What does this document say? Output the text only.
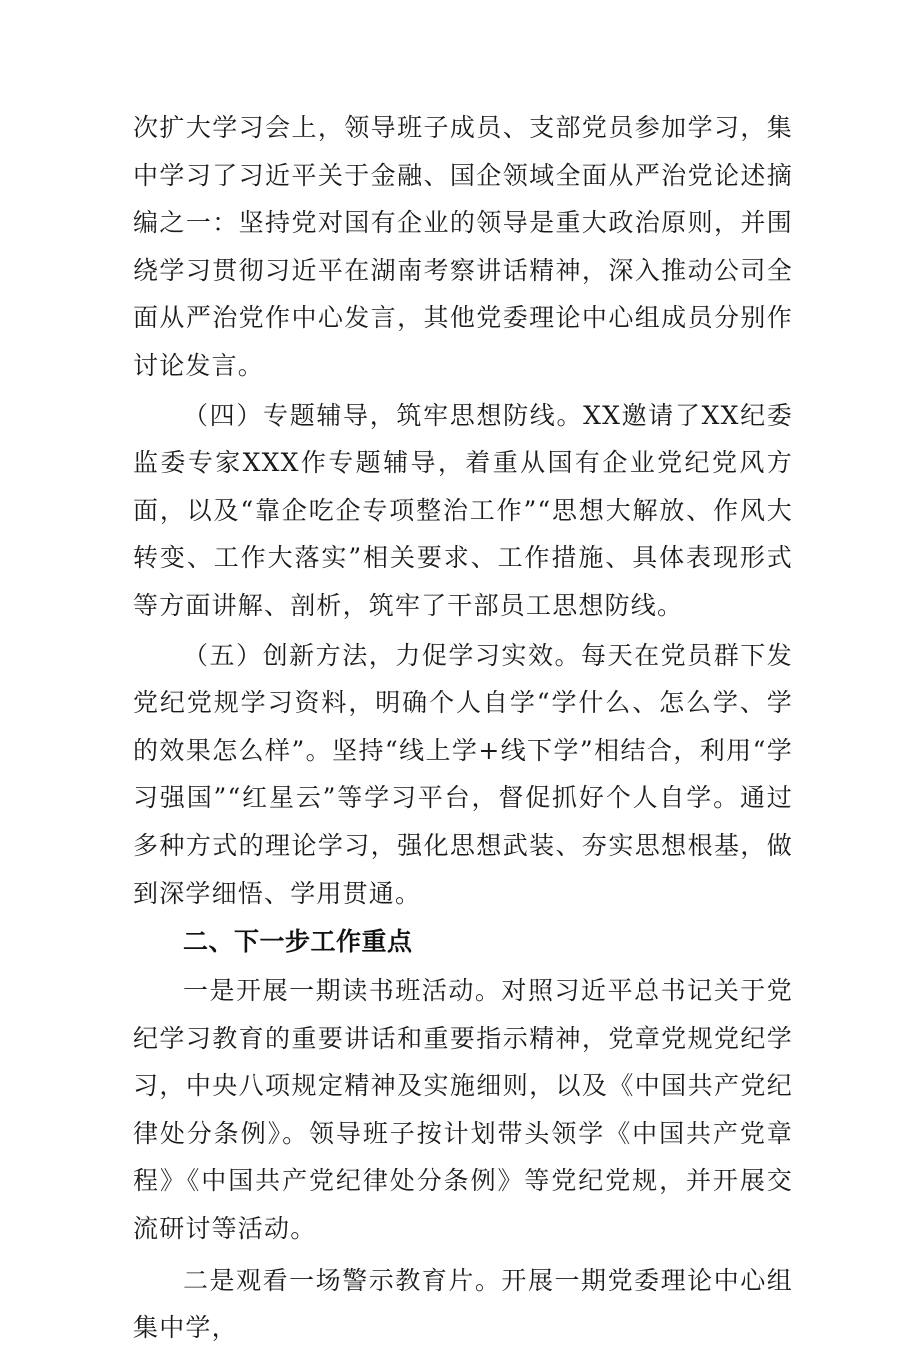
次扩大学习会上，领导班子成员、支部党员参加学习，集中学习了习近平关于金融、国企领域全面从严治党论述摘编之一：坚持党对国有企业的领导是重大政治原则，并围绕学习贯彻习近平在湖南考察讲话精神，深入推动公司全面从严治党作中心发言，其他党委理论中心组成员分别作讨论发言。

（四）专题辅导，筑牢思想防线。XX邀请了XX纪委监委专家XXX作专题辅导，着重从国有企业党纪党风方面，以及“靠企吃企专项整治工作”“思想大解放、作风大转变、工作大落实”相关要求、工作措施、具体表现形式等方面讲解、剖析，筑牢了干部员工思想防线。

（五）创新方法，力促学习实效。每天在党员群下发党纪党规学习资料，明确个人自学“学什么、怎么学、学的效果怎么样”。坚持“线上学+线下学”相结合，利用“学习强国”“红星云”等学习平台，督促抓好个人自学。通过多种方式的理论学习，强化思想武装、夯实思想根基，做到深学细悟、学用贯通。

二、下一步工作重点

一是开展一期读书班活动。对照习近平总书记关于党纪学习教育的重要讲话和重要指示精神，党章党规党纪学习，中央八项规定精神及实施细则，以及《中国共产党纪律处分条例》。领导班子按计划带头领学《中国共产党章程》《中国共产党纪律处分条例》等党纪党规，并开展交流研讨等活动。

二是观看一场警示教育片。开展一期党委理论中心组集中学，
